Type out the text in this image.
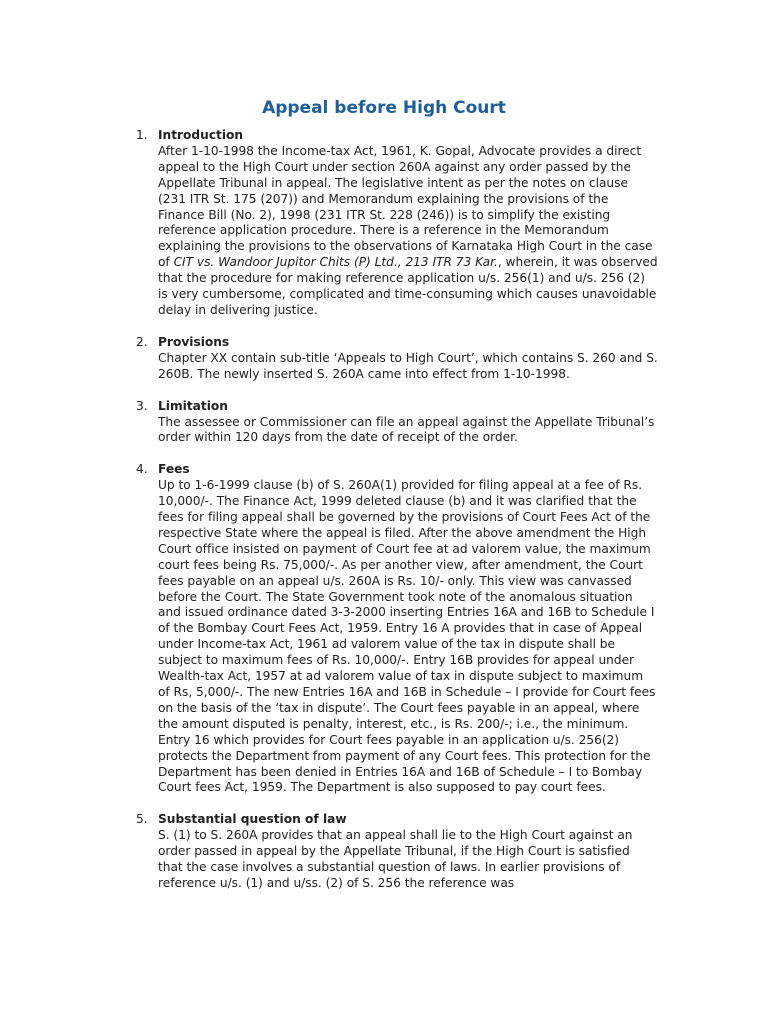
Appeal before High Court
1. Introduction

After 1-10-1998 the Income-tax Act, 1961, K. Gopal, Advocate provides a direct appeal to the High Court under section 260A against any order passed by the Appellate Tribunal in appeal. The legislative intent as per the notes on clause (231 ITR St. 175 (207)) and Memorandum explaining the provisions of the Finance Bill (No. 2), 1998 (231 ITR St. 228 (246)) is to simplify the existing reference application procedure. There is a reference in the Memorandum explaining the provisions to the observations of Karnataka High Court in the case of CIT vs. Wandoor Jupitor Chits (P) Ltd., 213 ITR 73 Kar., wherein, it was observed that the procedure for making reference application u/s. 256(1) and u/s. 256 (2) is very cumbersome, complicated and time-consuming which causes unavoidable delay in delivering justice.

2. Provisions

Chapter XX contain sub-title ‘Appeals to High Court’, which contains S. 260 and S. 260B. The newly inserted S. 260A came into effect from 1-10-1998.

3. Limitation

The assessee or Commissioner can file an appeal against the Appellate Tribunal’s order within 120 days from the date of receipt of the order.

4. Fees

Up to 1-6-1999 clause (b) of S. 260A(1) provided for filing appeal at a fee of Rs. 10,000/-. The Finance Act, 1999 deleted clause (b) and it was clarified that the fees for filing appeal shall be governed by the provisions of Court Fees Act of the respective State where the appeal is filed. After the above amendment the High Court office insisted on payment of Court fee at ad valorem value, the maximum court fees being Rs. 75,000/-. As per another view, after amendment, the Court fees payable on an appeal u/s. 260A is Rs. 10/- only. This view was canvassed before the Court. The State Government took note of the anomalous situation and issued ordinance dated 3-3-2000 inserting Entries 16A and 16B to Schedule I of the Bombay Court Fees Act, 1959. Entry 16 A provides that in case of Appeal under Income-tax Act, 1961 ad valorem value of the tax in dispute shall be subject to maximum fees of Rs. 10,000/-. Entry 16B provides for appeal under Wealth-tax Act, 1957 at ad valorem value of tax in dispute subject to maximum of Rs, 5,000/-. The new Entries 16A and 16B in Schedule – I provide for Court fees on the basis of the ‘tax in dispute’. The Court fees payable in an appeal, where the amount disputed is penalty, interest, etc., is Rs. 200/-; i.e., the minimum. Entry 16 which provides for Court fees payable in an application u/s. 256(2) protects the Department from payment of any Court fees. This protection for the Department has been denied in Entries 16A and 16B of Schedule – I to Bombay Court fees Act, 1959. The Department is also supposed to pay court fees.

5. Substantial question of law

S. (1) to S. 260A provides that an appeal shall lie to the High Court against an order passed in appeal by the Appellate Tribunal, if the High Court is satisfied that the case involves a substantial question of laws. In earlier provisions of reference u/s. (1) and u/ss. (2) of S. 256 the reference was
